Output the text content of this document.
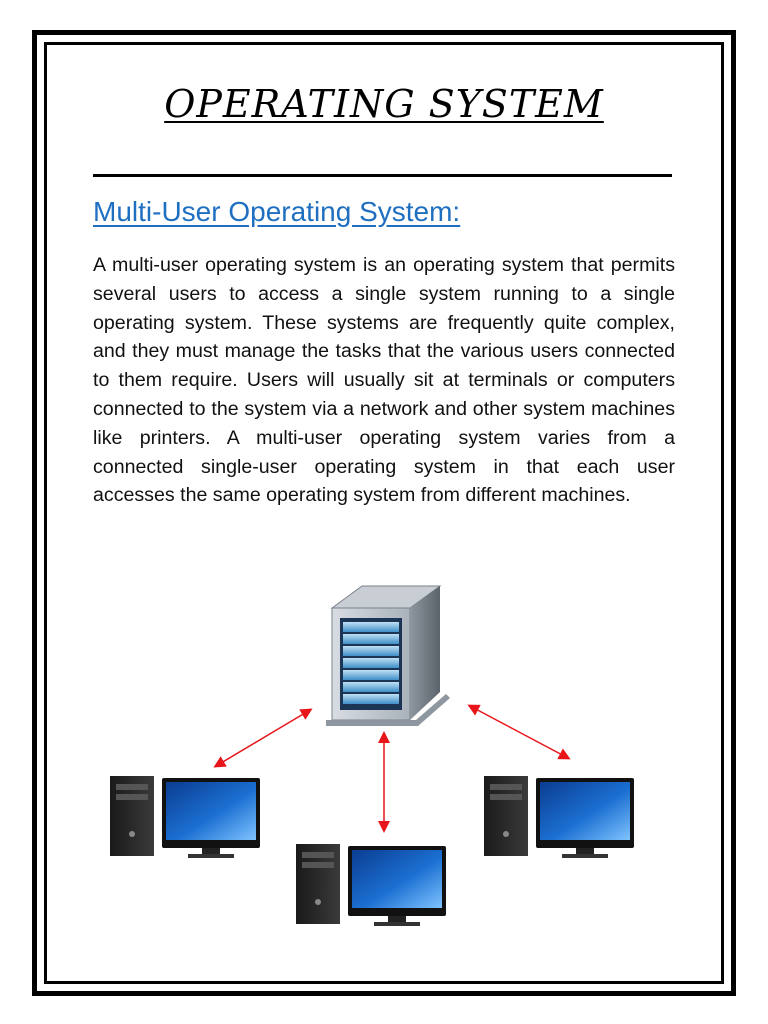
OPERATING SYSTEM
Multi-User Operating System:

A multi-user operating system is an operating system that permits several users to access a single system running to a single operating system. These systems are frequently quite complex, and they must manage the tasks that the various users connected to them require. Users will usually sit at terminals or computers connected to the system via a network and other system machines like printers. A multi-user operating system varies from a connected single-user operating system in that each user accesses the same operating system from different machines.
